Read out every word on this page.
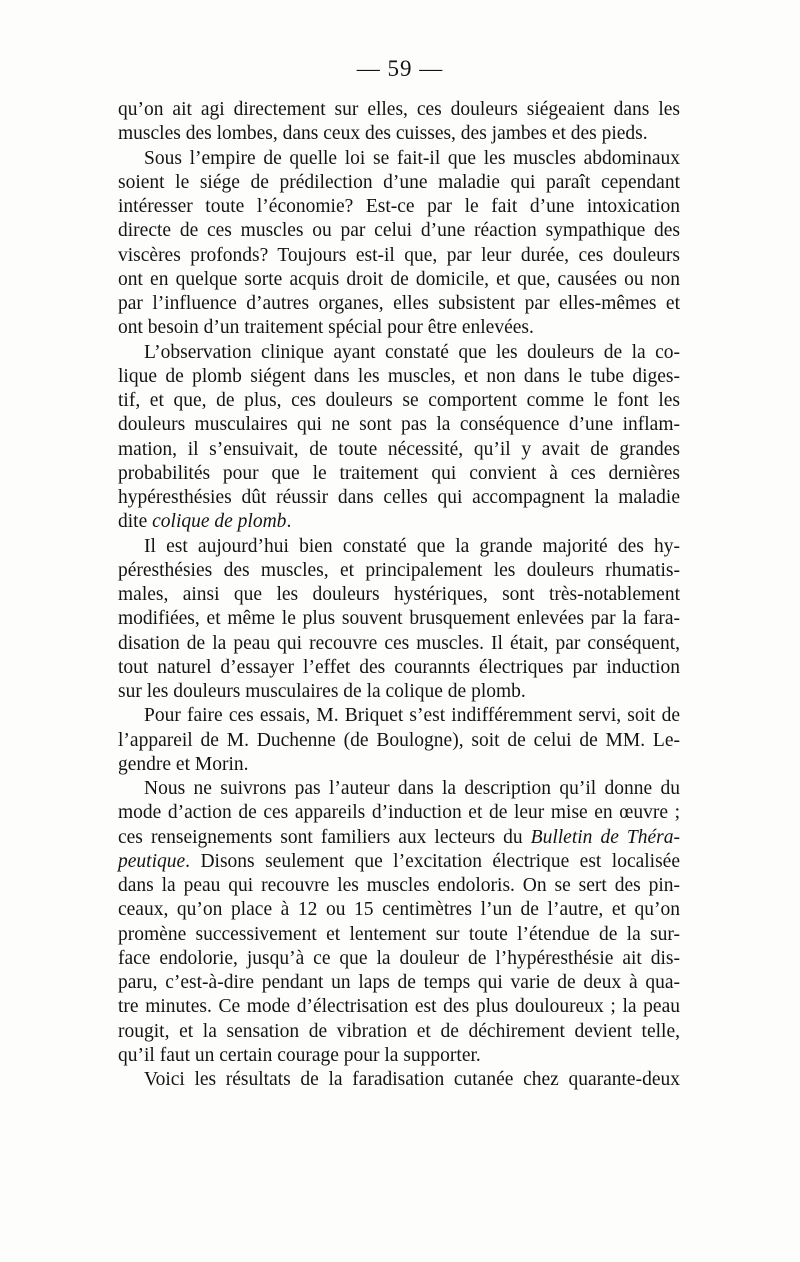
— 59 —
qu’on ait agi directement sur elles, ces douleurs siégeaient dans les
muscles des lombes, dans ceux des cuisses, des jambes et des pieds.
Sous l’empire de quelle loi se fait-il que les muscles abdominaux
soient le siége de prédilection d’une maladie qui paraît cependant
intéresser toute l’économie? Est-ce par le fait d’une intoxication
directe de ces muscles ou par celui d’une réaction sympathique des
viscères profonds? Toujours est-il que, par leur durée, ces douleurs
ont en quelque sorte acquis droit de domicile, et que, causées ou non
par l’influence d’autres organes, elles subsistent par elles-mêmes et
ont besoin d’un traitement spécial pour être enlevées.
L’observation clinique ayant constaté que les douleurs de la co-
lique de plomb siégent dans les muscles, et non dans le tube diges-
tif, et que, de plus, ces douleurs se comportent comme le font les
douleurs musculaires qui ne sont pas la conséquence d’une inflam-
mation, il s’ensuivait, de toute nécessité, qu’il y avait de grandes
probabilités pour que le traitement qui convient à ces dernières
hypéresthésies dût réussir dans celles qui accompagnent la maladie
dite colique de plomb.
Il est aujourd’hui bien constaté que la grande majorité des hy-
péresthésies des muscles, et principalement les douleurs rhumatis-
males, ainsi que les douleurs hystériques, sont très-notablement
modifiées, et même le plus souvent brusquement enlevées par la fara-
disation de la peau qui recouvre ces muscles. Il était, par conséquent,
tout naturel d’essayer l’effet des courannts électriques par induction
sur les douleurs musculaires de la colique de plomb.
Pour faire ces essais, M. Briquet s’est indifféremment servi, soit de
l’appareil de M. Duchenne (de Boulogne), soit de celui de MM. Le-
gendre et Morin.
Nous ne suivrons pas l’auteur dans la description qu’il donne du
mode d’action de ces appareils d’induction et de leur mise en œuvre ;
ces renseignements sont familiers aux lecteurs du Bulletin de Théra-
peutique. Disons seulement que l’excitation électrique est localisée
dans la peau qui recouvre les muscles endoloris. On se sert des pin-
ceaux, qu’on place à 12 ou 15 centimètres l’un de l’autre, et qu’on
promène successivement et lentement sur toute l’étendue de la sur-
face endolorie, jusqu’à ce que la douleur de l’hypéresthésie ait dis-
paru, c’est-à-dire pendant un laps de temps qui varie de deux à qua-
tre minutes. Ce mode d’électrisation est des plus douloureux ; la peau
rougit, et la sensation de vibration et de déchirement devient telle,
qu’il faut un certain courage pour la supporter.
Voici les résultats de la faradisation cutanée chez quarante-deux
